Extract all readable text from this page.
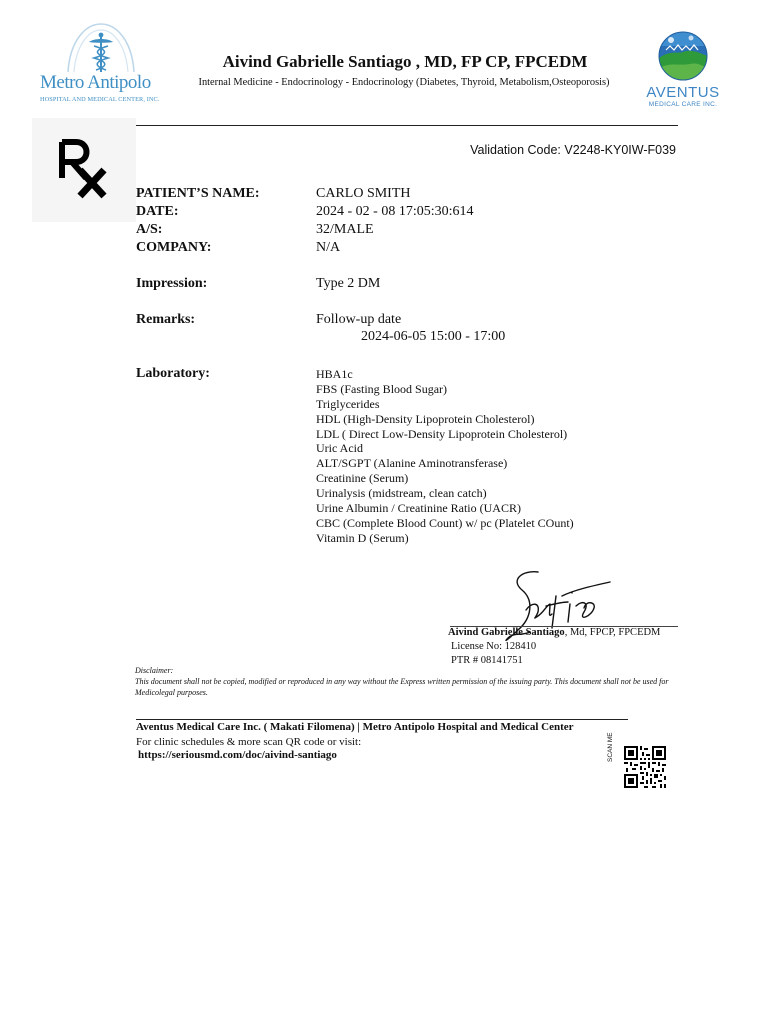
Metro Antipolo
HOSPITAL AND MEDICAL CENTER, INC.
Aivind Gabrielle Santiago , MD, FP CP, FPCEDM
Internal Medicine - Endocrinology - Endocrinology (Diabetes, Thyroid, Metabolism,Osteoporosis)
AVENTUS
MEDICAL CARE INC.
Validation Code: V2248-KY0IW-F039
PATIENT’S NAME:	CARLO SMITH
DATE:	2024 - 02 - 08 17:05:30:614
A/S:	32/MALE
COMPANY:	N/A
Impression:	Type 2 DM
Remarks:	Follow-up date
2024-06-05 15:00 - 17:00
Laboratory:	HBA1c
FBS (Fasting Blood Sugar)
Triglycerides
HDL (High-Density Lipoprotein Cholesterol)
LDL ( Direct Low-Density Lipoprotein Cholesterol)
Uric Acid
ALT/SGPT (Alanine Aminotransferase)
Creatinine (Serum)
Urinalysis (midstream, clean catch)
Urine Albumin / Creatinine Ratio (UACR)
CBC (Complete Blood Count) w/ pc (Platelet COunt)
Vitamin D (Serum)
Aivind Gabrielle Santiago, Md, FPCP, FPCEDM
License No: 128410
PTR # 08141751
Disclaimer:
This document shall not be copied, modified or reproduced in any way without the Express written permission of the issuing party. This document shall not be used for Medicolegal purposes.
Aventus Medical Care Inc. ( Makati Filomena) | Metro Antipolo Hospital and Medical Center
For clinic schedules & more scan QR code or visit:
https://seriousmd.com/doc/aivind-santiago	SCAN ME
